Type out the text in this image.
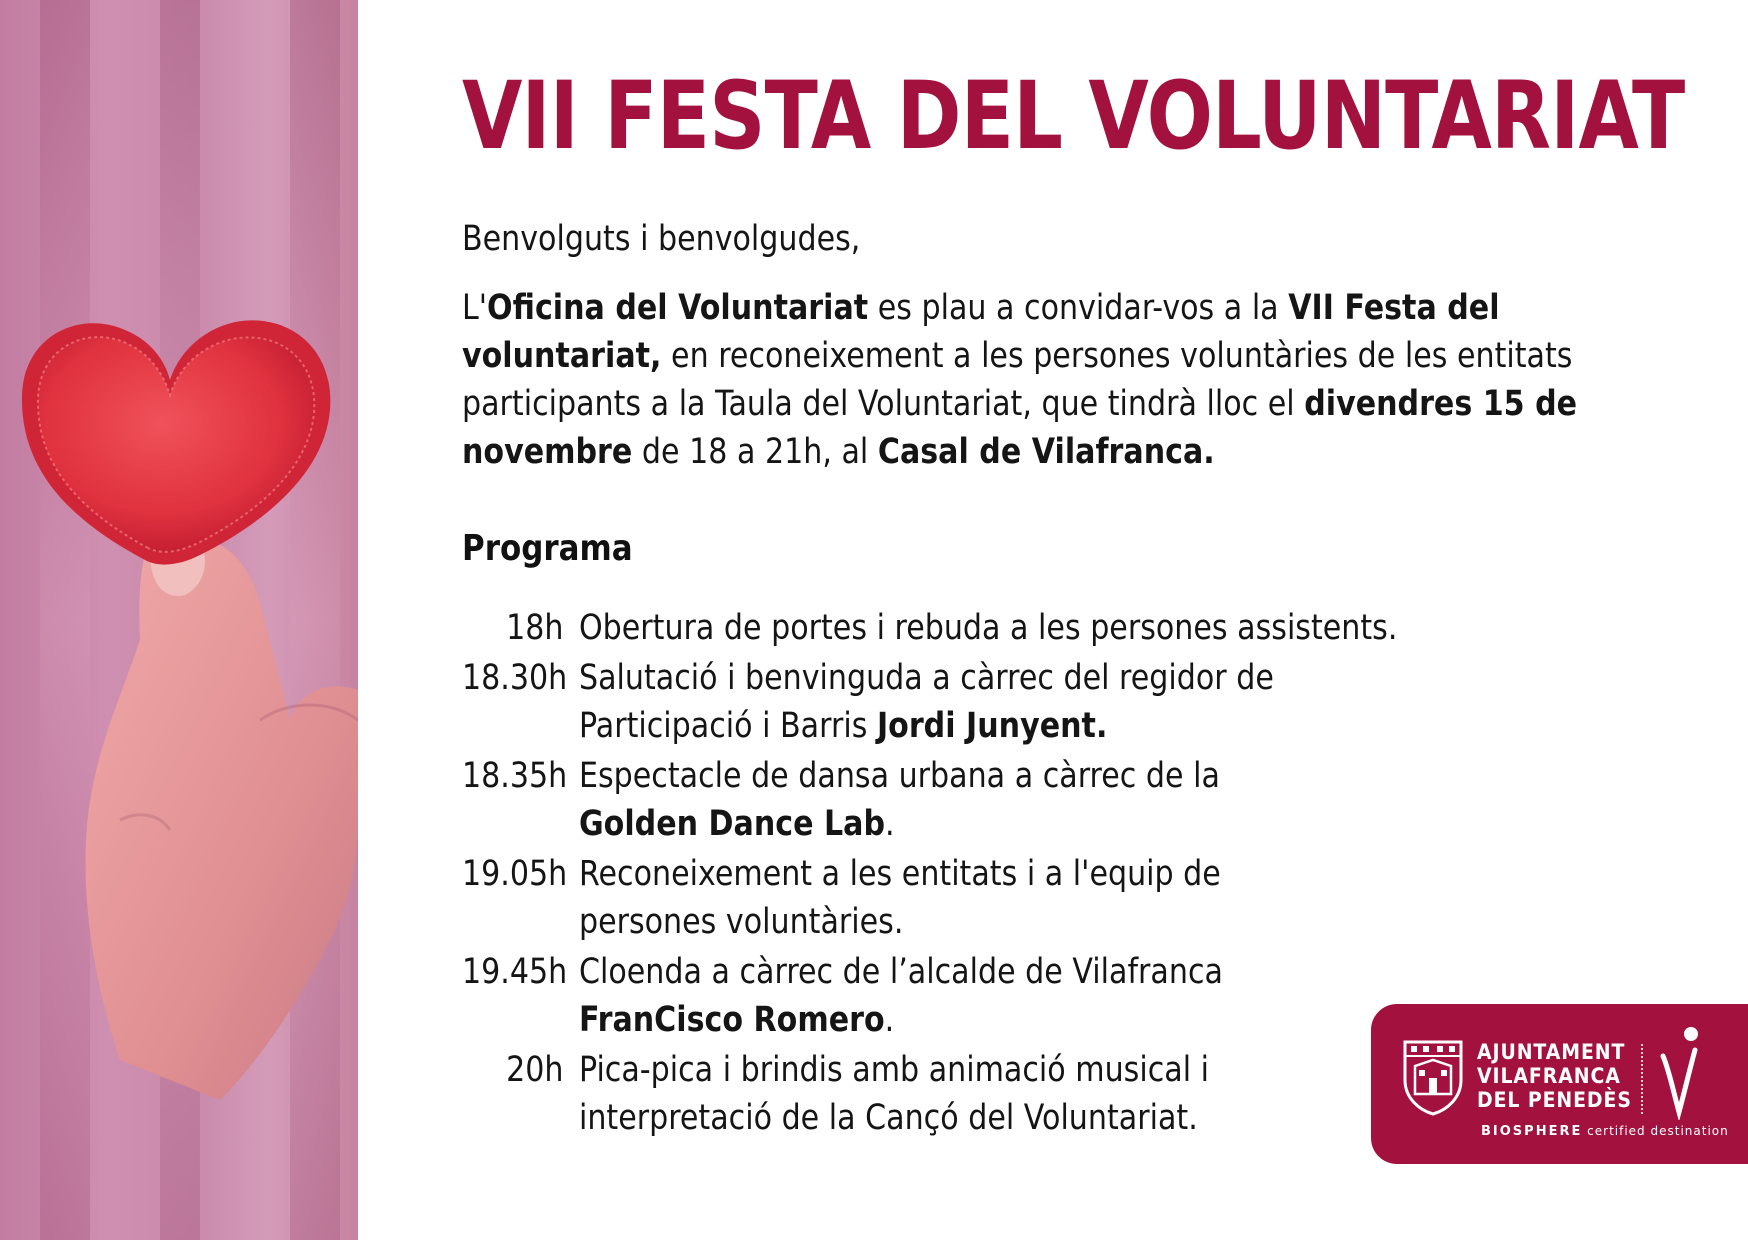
VII FESTA DEL VOLUNTARIAT
Benvolguts i benvolgudes,
L'Oficina del Voluntariat es plau a convidar-vos a la VII Festa del
voluntariat, en reconeixement a les persones voluntàries de les entitats
participants a la Taula del Voluntariat, que tindrà lloc el divendres 15 de
novembre de 18 a 21h, al Casal de Vilafranca.
Programa
18h Obertura de portes i rebuda a les persones assistents.
18.30h Salutació i benvinguda a càrrec del regidor de
Participació i Barris Jordi Junyent.
18.35h Espectacle de dansa urbana a càrrec de la
Golden Dance Lab.
19.05h Reconeixement a les entitats i a l'equip de
persones voluntàries.
19.45h Cloenda a càrrec de l’alcalde de Vilafranca
FranCisco Romero.
20h Pica-pica i brindis amb animació musical i
interpretació de la Cançó del Voluntariat.
AJUNTAMENT
VILAFRANCA
DEL PENEDÈS
BIOSPHERE certified destination
